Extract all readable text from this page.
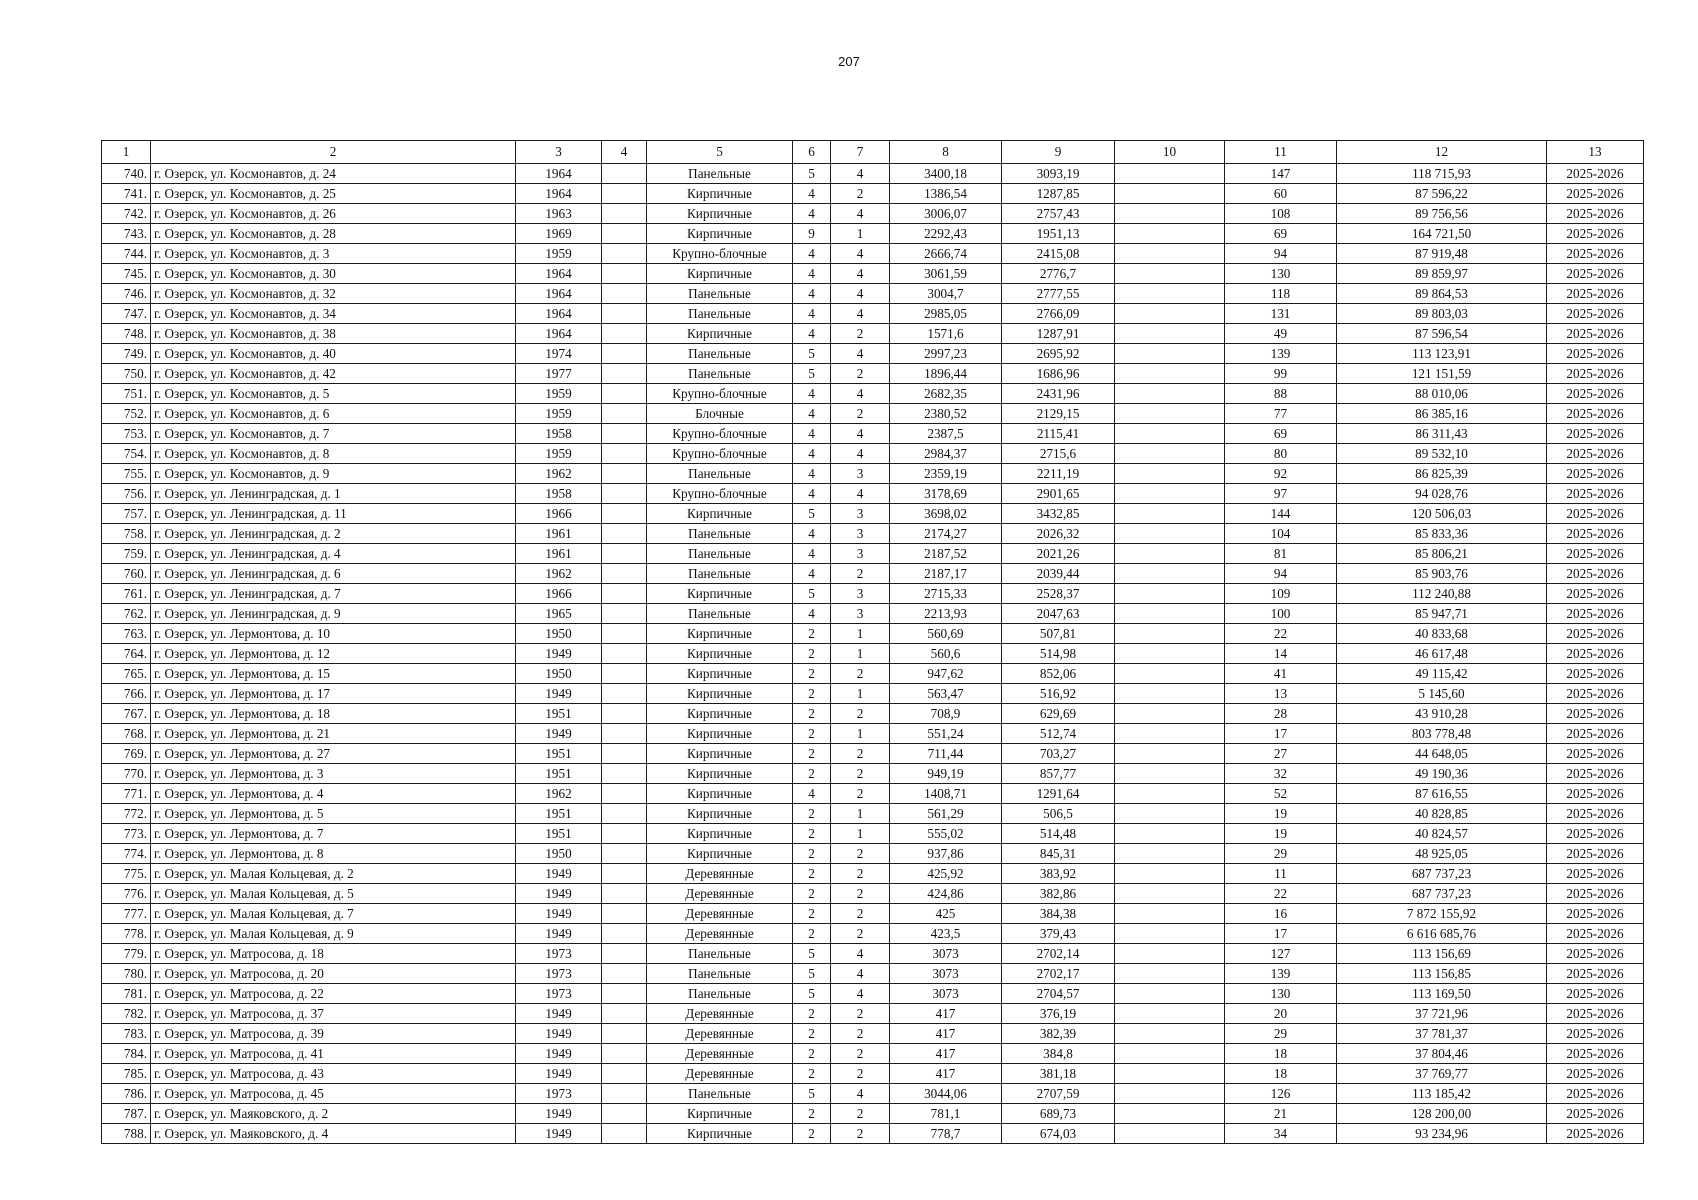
207
1	2	3	4	5	6	7	8	9	10	11	12	13
740.	г. Озерск, ул. Космонавтов, д. 24	1964		Панельные	5	4	3400,18	3093,19		147	118 715,93	2025-2026
741.	г. Озерск, ул. Космонавтов, д. 25	1964		Кирпичные	4	2	1386,54	1287,85		60	87 596,22	2025-2026
742.	г. Озерск, ул. Космонавтов, д. 26	1963		Кирпичные	4	4	3006,07	2757,43		108	89 756,56	2025-2026
743.	г. Озерск, ул. Космонавтов, д. 28	1969		Кирпичные	9	1	2292,43	1951,13		69	164 721,50	2025-2026
744.	г. Озерск, ул. Космонавтов, д. 3	1959		Крупно-блочные	4	4	2666,74	2415,08		94	87 919,48	2025-2026
745.	г. Озерск, ул. Космонавтов, д. 30	1964		Кирпичные	4	4	3061,59	2776,7		130	89 859,97	2025-2026
746.	г. Озерск, ул. Космонавтов, д. 32	1964		Панельные	4	4	3004,7	2777,55		118	89 864,53	2025-2026
747.	г. Озерск, ул. Космонавтов, д. 34	1964		Панельные	4	4	2985,05	2766,09		131	89 803,03	2025-2026
748.	г. Озерск, ул. Космонавтов, д. 38	1964		Кирпичные	4	2	1571,6	1287,91		49	87 596,54	2025-2026
749.	г. Озерск, ул. Космонавтов, д. 40	1974		Панельные	5	4	2997,23	2695,92		139	113 123,91	2025-2026
750.	г. Озерск, ул. Космонавтов, д. 42	1977		Панельные	5	2	1896,44	1686,96		99	121 151,59	2025-2026
751.	г. Озерск, ул. Космонавтов, д. 5	1959		Крупно-блочные	4	4	2682,35	2431,96		88	88 010,06	2025-2026
752.	г. Озерск, ул. Космонавтов, д. 6	1959		Блочные	4	2	2380,52	2129,15		77	86 385,16	2025-2026
753.	г. Озерск, ул. Космонавтов, д. 7	1958		Крупно-блочные	4	4	2387,5	2115,41		69	86 311,43	2025-2026
754.	г. Озерск, ул. Космонавтов, д. 8	1959		Крупно-блочные	4	4	2984,37	2715,6		80	89 532,10	2025-2026
755.	г. Озерск, ул. Космонавтов, д. 9	1962		Панельные	4	3	2359,19	2211,19		92	86 825,39	2025-2026
756.	г. Озерск, ул. Ленинградская, д. 1	1958		Крупно-блочные	4	4	3178,69	2901,65		97	94 028,76	2025-2026
757.	г. Озерск, ул. Ленинградская, д. 11	1966		Кирпичные	5	3	3698,02	3432,85		144	120 506,03	2025-2026
758.	г. Озерск, ул. Ленинградская, д. 2	1961		Панельные	4	3	2174,27	2026,32		104	85 833,36	2025-2026
759.	г. Озерск, ул. Ленинградская, д. 4	1961		Панельные	4	3	2187,52	2021,26		81	85 806,21	2025-2026
760.	г. Озерск, ул. Ленинградская, д. 6	1962		Панельные	4	2	2187,17	2039,44		94	85 903,76	2025-2026
761.	г. Озерск, ул. Ленинградская, д. 7	1966		Кирпичные	5	3	2715,33	2528,37		109	112 240,88	2025-2026
762.	г. Озерск, ул. Ленинградская, д. 9	1965		Панельные	4	3	2213,93	2047,63		100	85 947,71	2025-2026
763.	г. Озерск, ул. Лермонтова, д. 10	1950		Кирпичные	2	1	560,69	507,81		22	40 833,68	2025-2026
764.	г. Озерск, ул. Лермонтова, д. 12	1949		Кирпичные	2	1	560,6	514,98		14	46 617,48	2025-2026
765.	г. Озерск, ул. Лермонтова, д. 15	1950		Кирпичные	2	2	947,62	852,06		41	49 115,42	2025-2026
766.	г. Озерск, ул. Лермонтова, д. 17	1949		Кирпичные	2	1	563,47	516,92		13	5 145,60	2025-2026
767.	г. Озерск, ул. Лермонтова, д. 18	1951		Кирпичные	2	2	708,9	629,69		28	43 910,28	2025-2026
768.	г. Озерск, ул. Лермонтова, д. 21	1949		Кирпичные	2	1	551,24	512,74		17	803 778,48	2025-2026
769.	г. Озерск, ул. Лермонтова, д. 27	1951		Кирпичные	2	2	711,44	703,27		27	44 648,05	2025-2026
770.	г. Озерск, ул. Лермонтова, д. 3	1951		Кирпичные	2	2	949,19	857,77		32	49 190,36	2025-2026
771.	г. Озерск, ул. Лермонтова, д. 4	1962		Кирпичные	4	2	1408,71	1291,64		52	87 616,55	2025-2026
772.	г. Озерск, ул. Лермонтова, д. 5	1951		Кирпичные	2	1	561,29	506,5		19	40 828,85	2025-2026
773.	г. Озерск, ул. Лермонтова, д. 7	1951		Кирпичные	2	1	555,02	514,48		19	40 824,57	2025-2026
774.	г. Озерск, ул. Лермонтова, д. 8	1950		Кирпичные	2	2	937,86	845,31		29	48 925,05	2025-2026
775.	г. Озерск, ул. Малая Кольцевая, д. 2	1949		Деревянные	2	2	425,92	383,92		11	687 737,23	2025-2026
776.	г. Озерск, ул. Малая Кольцевая, д. 5	1949		Деревянные	2	2	424,86	382,86		22	687 737,23	2025-2026
777.	г. Озерск, ул. Малая Кольцевая, д. 7	1949		Деревянные	2	2	425	384,38		16	7 872 155,92	2025-2026
778.	г. Озерск, ул. Малая Кольцевая, д. 9	1949		Деревянные	2	2	423,5	379,43		17	6 616 685,76	2025-2026
779.	г. Озерск, ул. Матросова, д. 18	1973		Панельные	5	4	3073	2702,14		127	113 156,69	2025-2026
780.	г. Озерск, ул. Матросова, д. 20	1973		Панельные	5	4	3073	2702,17		139	113 156,85	2025-2026
781.	г. Озерск, ул. Матросова, д. 22	1973		Панельные	5	4	3073	2704,57		130	113 169,50	2025-2026
782.	г. Озерск, ул. Матросова, д. 37	1949		Деревянные	2	2	417	376,19		20	37 721,96	2025-2026
783.	г. Озерск, ул. Матросова, д. 39	1949		Деревянные	2	2	417	382,39		29	37 781,37	2025-2026
784.	г. Озерск, ул. Матросова, д. 41	1949		Деревянные	2	2	417	384,8		18	37 804,46	2025-2026
785.	г. Озерск, ул. Матросова, д. 43	1949		Деревянные	2	2	417	381,18		18	37 769,77	2025-2026
786.	г. Озерск, ул. Матросова, д. 45	1973		Панельные	5	4	3044,06	2707,59		126	113 185,42	2025-2026
787.	г. Озерск, ул. Маяковского, д. 2	1949		Кирпичные	2	2	781,1	689,73		21	128 200,00	2025-2026
788.	г. Озерск, ул. Маяковского, д. 4	1949		Кирпичные	2	2	778,7	674,03		34	93 234,96	2025-2026
